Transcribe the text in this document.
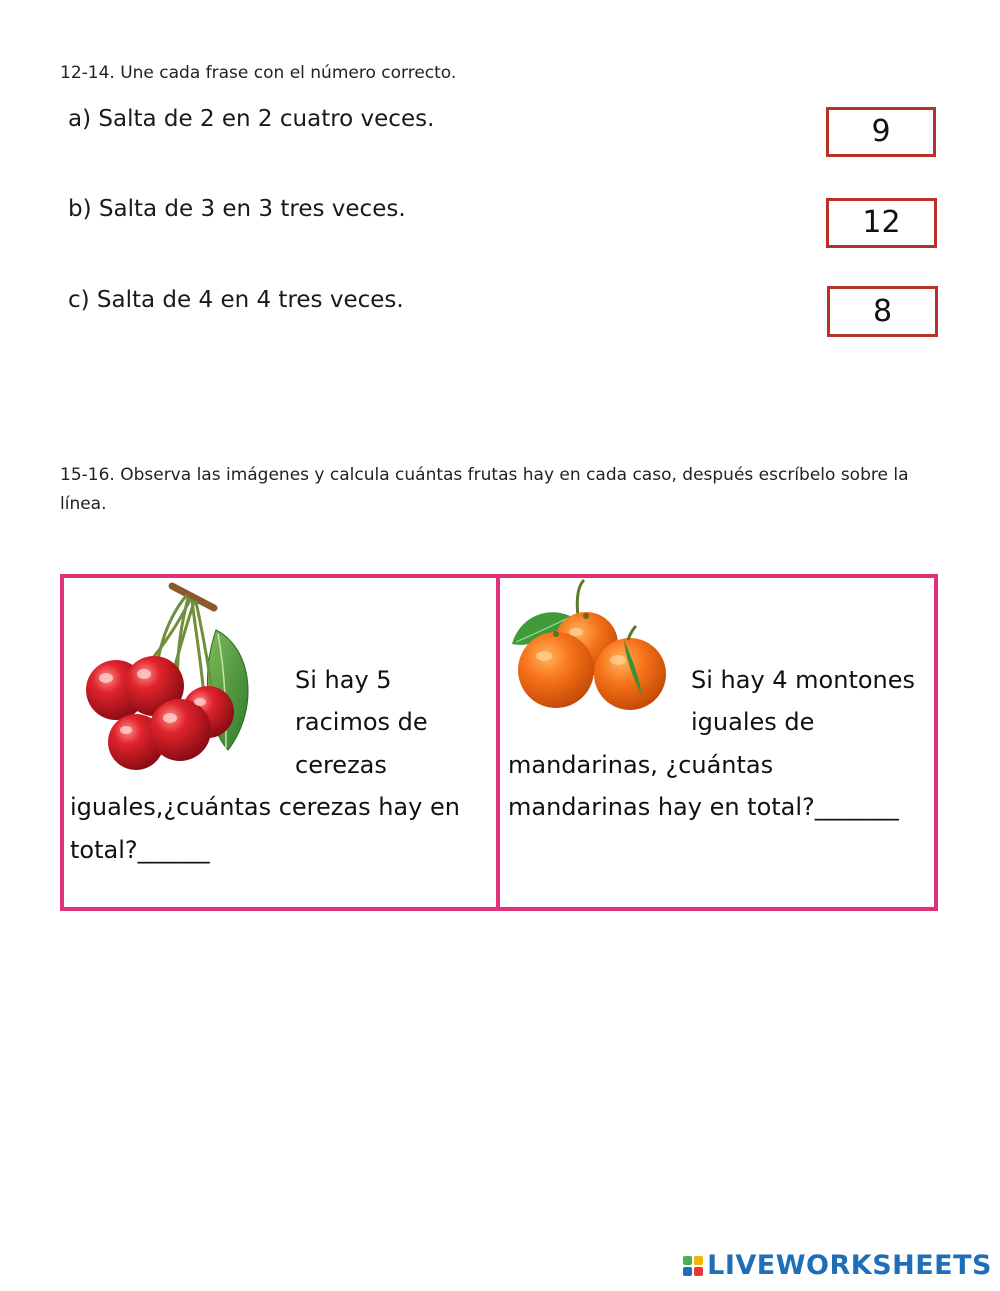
12-14. Une cada frase con el número correcto.
a) Salta de 2 en 2 cuatro veces.	9
b) Salta de 3 en 3 tres veces.	12
c) Salta de 4 en 4 tres veces.	8
15-16. Observa las imágenes y calcula cuántas frutas hay en cada caso, después escríbelo sobre la
línea.
Si hay 5
racimos de
cerezas
iguales,¿cuántas cerezas hay en
total?______
Si hay 4 montones
iguales de
mandarinas, ¿cuántas
mandarinas hay en total?_______
LIVEWORKSHEETS
